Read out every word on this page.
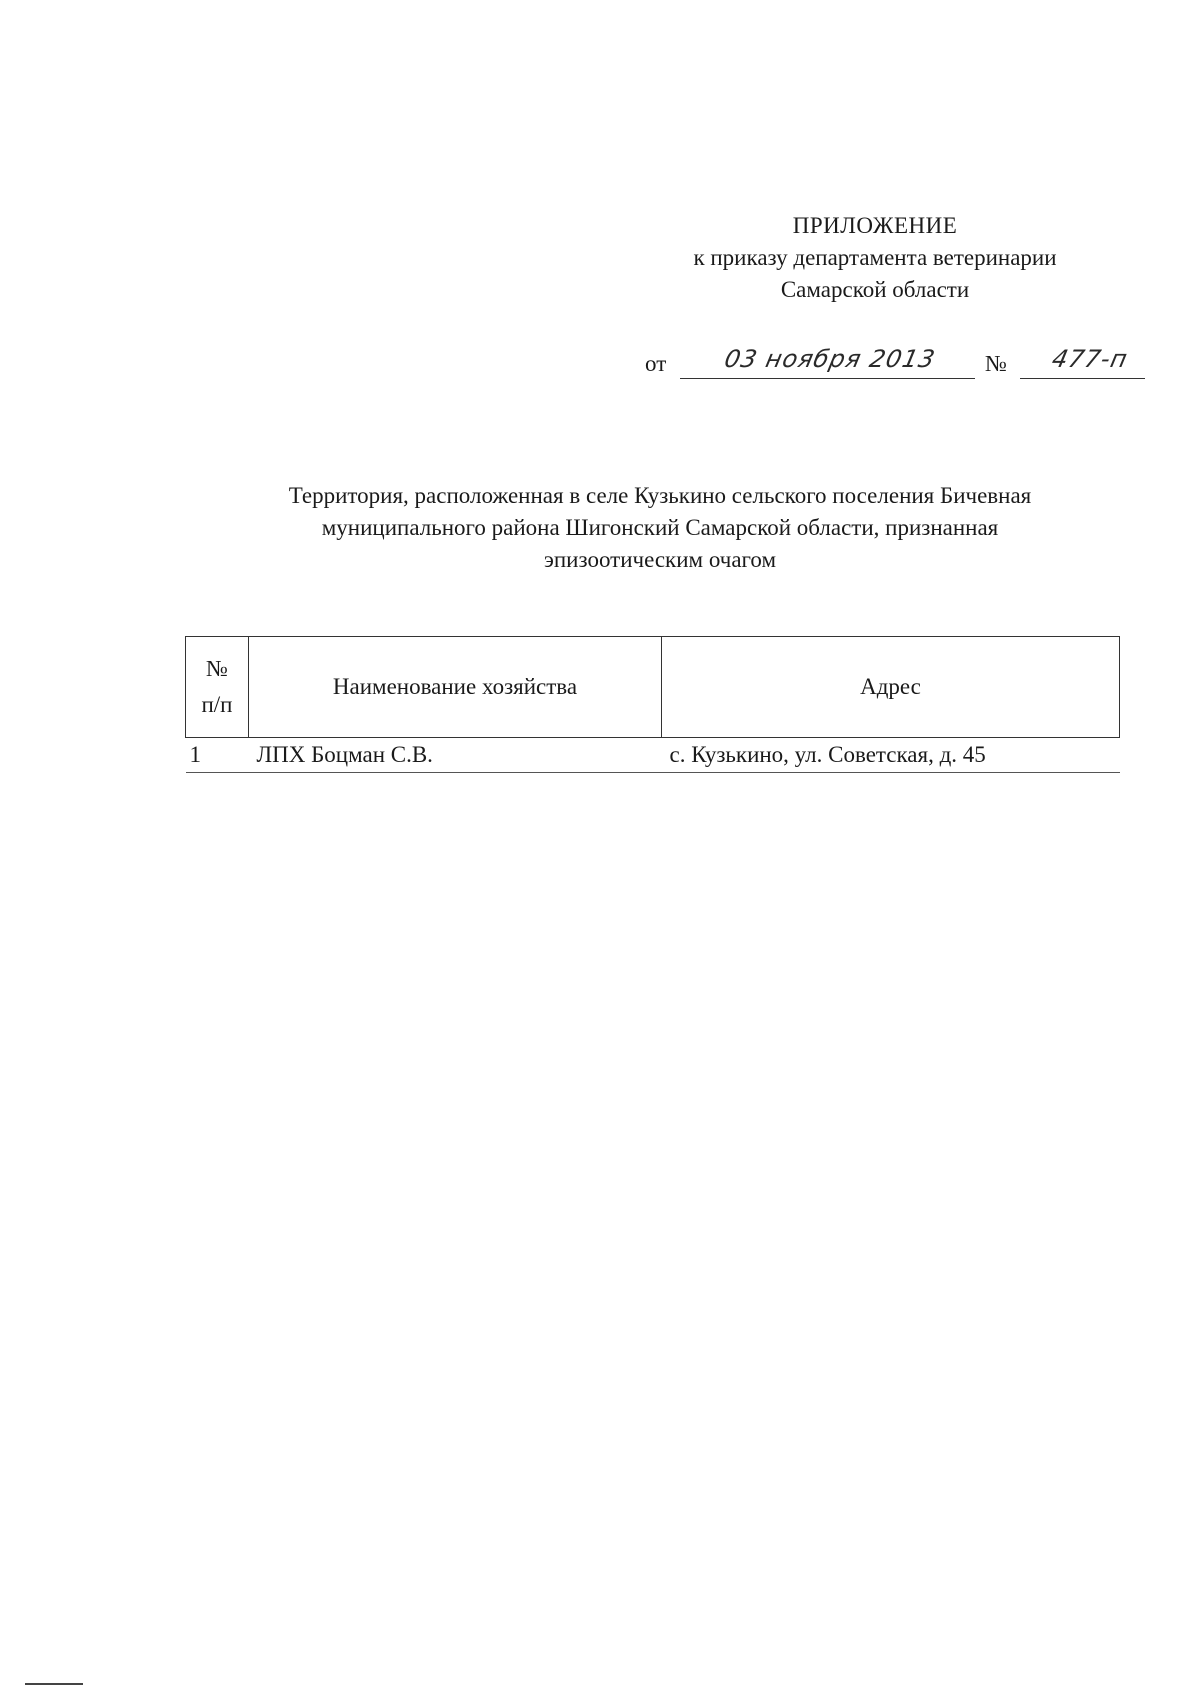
ПРИЛОЖЕНИЕ
к приказу департамента ветеринарии
Самарской области
от	03 ноября 2013	№	477-п
Территория, расположенная в селе Кузькино сельского поселения Бичевная
муниципального района Шигонский Самарской области, признанная
эпизоотическим очагом
№
п/п	Наименование хозяйства	Адрес
1	ЛПХ Боцман С.В.	с. Кузькино, ул. Советская, д. 45
